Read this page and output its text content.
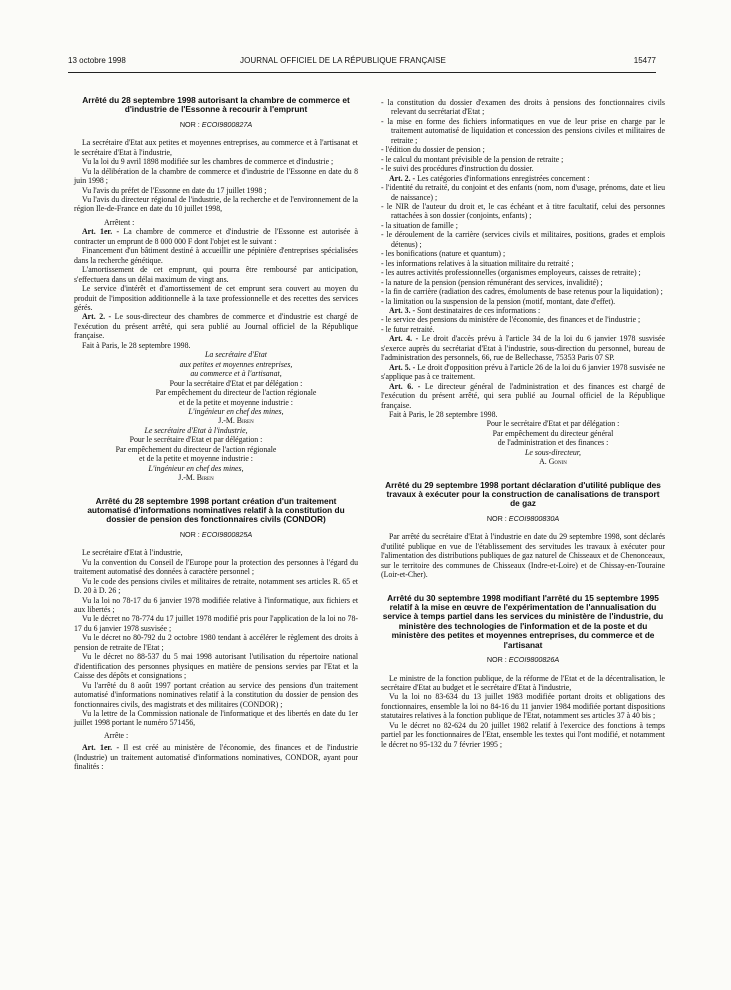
13 octobre 1998	JOURNAL OFFICIEL DE LA RÉPUBLIQUE FRANÇAISE	15477
Arrêté du 28 septembre 1998 autorisant la chambre de commerce et d'industrie de l'Essonne à recourir à l'emprunt
NOR : ECOI9800827A

La secrétaire d'Etat aux petites et moyennes entreprises, au commerce et à l'artisanat et le secrétaire d'Etat à l'industrie,

Vu la loi du 9 avril 1898 modifiée sur les chambres de commerce et d'industrie ;

Vu la délibération de la chambre de commerce et d'industrie de l'Essonne en date du 8 juin 1998 ;

Vu l'avis du préfet de l'Essonne en date du 17 juillet 1998 ;

Vu l'avis du directeur régional de l'industrie, de la recherche et de l'environnement de la région Ile-de-France en date du 10 juillet 1998,

Arrêtent :

Art. 1er. - La chambre de commerce et d'industrie de l'Essonne est autorisée à contracter un emprunt de 8 000 000 F dont l'objet est le suivant :

Financement d'un bâtiment destiné à accueillir une pépinière d'entreprises spécialisées dans la recherche génétique.

L'amortissement de cet emprunt, qui pourra être remboursé par anticipation, s'effectuera dans un délai maximum de vingt ans.

Le service d'intérêt et d'amortissement de cet emprunt sera couvert au moyen du produit de l'imposition additionnelle à la taxe professionnelle et des recettes des services gérés.

Art. 2. - Le sous-directeur des chambres de commerce et d'industrie est chargé de l'exécution du présent arrêté, qui sera publié au Journal officiel de la République française.

Fait à Paris, le 28 septembre 1998.

La secrétaire d'Etat
aux petites et moyennes entreprises,
au commerce et à l'artisanat,
Pour la secrétaire d'Etat et par délégation :
Par empêchement du directeur de l'action régionale
et de la petite et moyenne industrie :
L'ingénieur en chef des mines,
J.-M. Biren
Le secrétaire d'Etat à l'industrie,
Pour le secrétaire d'Etat et par délégation :
Par empêchement du directeur de l'action régionale
et de la petite et moyenne industrie :
L'ingénieur en chef des mines,
J.-M. Biren
Arrêté du 28 septembre 1998 portant création d'un traitement automatisé d'informations nominatives relatif à la constitution du dossier de pension des fonctionnaires civils (CONDOR)
NOR : ECOI9800825A

Le secrétaire d'Etat à l'industrie,

Vu la convention du Conseil de l'Europe pour la protection des personnes à l'égard du traitement automatisé des données à caractère personnel ;

Vu le code des pensions civiles et militaires de retraite, notamment ses articles R. 65 et D. 20 à D. 26 ;

Vu la loi no 78-17 du 6 janvier 1978 modifiée relative à l'informatique, aux fichiers et aux libertés ;

Vu le décret no 78-774 du 17 juillet 1978 modifié pris pour l'application de la loi no 78-17 du 6 janvier 1978 susvisée ;

Vu le décret no 80-792 du 2 octobre 1980 tendant à accélérer le règlement des droits à pension de retraite de l'Etat ;

Vu le décret no 88-537 du 5 mai 1998 autorisant l'utilisation du répertoire national d'identification des personnes physiques en matière de pensions servies par l'Etat et la Caisse des dépôts et consignations ;

Vu l'arrêté du 8 août 1997 portant création au service des pensions d'un traitement automatisé d'informations nominatives relatif à la constitution du dossier de pension des fonctionnaires civils, des magistrats et des militaires (CONDOR) ;

Vu la lettre de la Commission nationale de l'informatique et des libertés en date du 1er juillet 1998 portant le numéro 571456,

Arrête :

Art. 1er. - Il est créé au ministère de l'économie, des finances et de l'industrie (Industrie) un traitement automatisé d'informations nominatives, CONDOR, ayant pour finalités :

- la constitution du dossier d'examen des droits à pensions des fonctionnaires civils relevant du secrétariat d'Etat ;

- la mise en forme des fichiers informatiques en vue de leur prise en charge par le traitement automatisé de liquidation et concession des pensions civiles et militaires de retraite ;

- l'édition du dossier de pension ;

- le calcul du montant prévisible de la pension de retraite ;

- le suivi des procédures d'instruction du dossier.

Art. 2. - Les catégories d'informations enregistrées concernent :

- l'identité du retraité, du conjoint et des enfants (nom, nom d'usage, prénoms, date et lieu de naissance) ;

- le NIR de l'auteur du droit et, le cas échéant et à titre facultatif, celui des personnes rattachées à son dossier (conjoints, enfants) ;

- la situation de famille ;

- le déroulement de la carrière (services civils et militaires, positions, grades et emplois détenus) ;

- les bonifications (nature et quantum) ;

- les informations relatives à la situation militaire du retraité ;

- les autres activités professionnelles (organismes employeurs, caisses de retraite) ;

- la nature de la pension (pension rémunérant des services, invalidité) ;

- la fin de carrière (radiation des cadres, émoluments de base retenus pour la liquidation) ;

- la limitation ou la suspension de la pension (motif, montant, date d'effet).

Art. 3. - Sont destinataires de ces informations :

- le service des pensions du ministère de l'économie, des finances et de l'industrie ;

- le futur retraité.

Art. 4. - Le droit d'accès prévu à l'article 34 de la loi du 6 janvier 1978 susvisée s'exerce auprès du secrétariat d'Etat à l'industrie, sous-direction du personnel, bureau de l'administration des personnels, 66, rue de Bellechasse, 75353 Paris 07 SP.

Art. 5. - Le droit d'opposition prévu à l'article 26 de la loi du 6 janvier 1978 susvisée ne s'applique pas à ce traitement.

Art. 6. - Le directeur général de l'administration et des finances est chargé de l'exécution du présent arrêté, qui sera publié au Journal officiel de la République française.

Fait à Paris, le 28 septembre 1998.

Pour le secrétaire d'Etat et par délégation :
Par empêchement du directeur général
de l'administration et des finances :
Le sous-directeur,
A. Gonin
Arrêté du 29 septembre 1998 portant déclaration d'utilité publique des travaux à exécuter pour la construction de canalisations de transport de gaz
NOR : ECOI9800830A

Par arrêté du secrétaire d'Etat à l'industrie en date du 29 septembre 1998, sont déclarés d'utilité publique en vue de l'établissement des servitudes les travaux à exécuter pour l'alimentation des distributions publiques de gaz naturel de Chisseaux et de Chenonceaux, sur le territoire des communes de Chisseaux (Indre-et-Loire) et de Chissay-en-Touraine (Loir-et-Cher).

Arrêté du 30 septembre 1998 modifiant l'arrêté du 15 septembre 1995 relatif à la mise en œuvre de l'expérimentation de l'annualisation du service à temps partiel dans les services du ministère de l'industrie, du ministère des technologies de l'information et de la poste et du ministère des petites et moyennes entreprises, du commerce et de l'artisanat
NOR : ECOI9800826A

Le ministre de la fonction publique, de la réforme de l'Etat et de la décentralisation, le secrétaire d'Etat au budget et le secrétaire d'Etat à l'industrie,

Vu la loi no 83-634 du 13 juillet 1983 modifiée portant droits et obligations des fonctionnaires, ensemble la loi no 84-16 du 11 janvier 1984 modifiée portant dispositions statutaires relatives à la fonction publique de l'Etat, notamment ses articles 37 à 40 bis ;

Vu le décret no 82-624 du 20 juillet 1982 relatif à l'exercice des fonctions à temps partiel par les fonctionnaires de l'Etat, ensemble les textes qui l'ont modifié, et notamment le décret no 95-132 du 7 février 1995 ;
